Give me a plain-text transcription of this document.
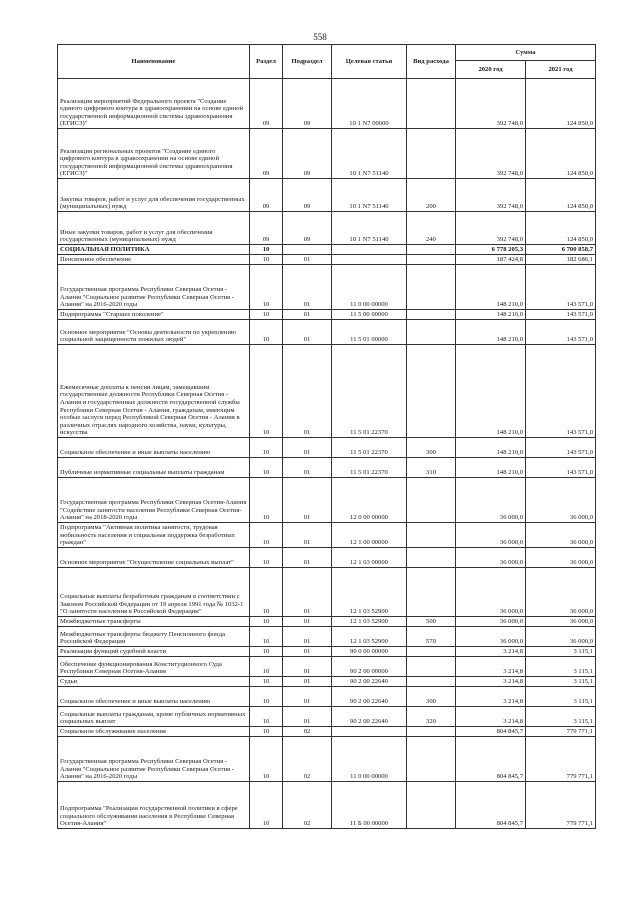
558
Наименование	Раздел	Подраздел	Целевая статья	Вид расхода	Сумма	
					2020 год	2021 год
Реализация мероприятий Федерального проекта "Создание единого цифрового контура в здравоохранении на основе единой государственной информационной системы здравоохранения (ЕГИСЗ)"	09	09	10 1 N7 00000		392 748,0	124 850,0
Реализация региональных проектов "Создание единого цифрового контура в здравоохранении на основе единой государственной информационной системы здравоохранения (ЕГИСЗ)"	09	09	10 1 N7 51140		392 748,0	124 850,0
Закупка товаров, работ и услуг для обеспечения государственных (муниципальных) нужд	09	09	10 1 N7 51140	200	392 748,0	124 850,0
Иные закупки товаров, работ и услуг для обеспечения государственных (муниципальных) нужд	09	09	10 1 N7 51140	240	392 748,0	124 850,0
СОЦИАЛЬНАЯ ПОЛИТИКА	10				6 778 205,3	6 700 858,7
Пенсионное обеспечение	10	01			187 424,8	182 686,1
Государственная программа Республики Северная Осетия - Алания "Социальное развитие Республики Северная Осетия - Алания" на 2016-2020 годы	10	01	11 0 00 00000		148 210,0	143 571,0
Подпрограмма "Старшее поколение"	10	01	11 5 00 00000		148 210,0	143 571,0
Основное мероприятие "Основы деятельности по укреплению социальной защищенности пожилых людей"	10	01	11 5 01 00000		148 210,0	143 571,0
Ежемесячные доплаты к пенсии лицам, замещавшим государственные должности Республики Северная Осетия - Алания и государственные должности государственной службы Республики Северная Осетия - Алания, гражданам, имеющим особые заслуги перед Республикой Северная Осетия - Алания в различных отраслях народного хозяйства, науки, культуры, искусства	10	01	11 5 01 22370		148 210,0	143 571,0
Социальное обеспечение и иные выплаты населению	10	01	11 5 01 22370	300	148 210,0	143 571,0
Публичные нормативные социальные выплаты гражданам	10	01	11 5 01 22370	310	148 210,0	143 571,0
Государственная программа Республики Северная Осетия-Алания "Содействие занятости населения Республики Северная Осетия-Алания" на 2018-2020 годы	10	01	12 0 00 00000		36 000,0	36 000,0
Подпрограмма "Активная политика занятости, трудовая мобильность населения и социальная поддержка безработных граждан"	10	01	12 1 00 00000		36 000,0	36 000,0
Основное мероприятие "Осуществление социальных выплат"	10	01	12 1 03 00000		36 000,0	36 000,0
Социальные выплаты безработным гражданам в соответствии с Законом Российской Федерации от 19 апреля 1991 года № 1032-1 "О занятости населения в Российской Федерации"	10	01	12 1 03 52900		36 000,0	36 000,0
Межбюджетные трансферты	10	01	12 1 03 52900	500	36 000,0	36 000,0
Межбюджетные трансферты бюджету Пенсионного фонда Российской Федерации	10	01	12 1 03 52900	570	36 000,0	36 000,0
Реализация функций судебной власти	10	01	90 0 00 00000		3 214,8	3 115,1
Обеспечение функционирования Конституционного Суда Республики Северная Осетия-Алания	10	01	90 2 00 00000		3 214,8	3 115,1
Судьи	10	01	90 2 00 22640		3 214,8	3 115,1
Социальное обеспечение и иные выплаты населению	10	01	90 2 00 22640	300	3 214,8	3 115,1
Социальные выплаты гражданам, кроме публичных нормативных социальных выплат	10	01	90 2 00 22640	320	3 214,8	3 115,1
Социальное обслуживание населения	10	02			804 845,7	779 771,1
Государственная программа Республики Северная Осетия - Алания "Социальное развитие Республики Северная Осетия - Алания" на 2016-2020 годы	10	02	11 0 00 00000		804 845,7	779 771,1
Подпрограмма "Реализация государственной политики в сфере социального обслуживания населения в Республике Северная Осетия-Алания"	10	02	11 Б 00 00000		804 845,7	779 771,1
